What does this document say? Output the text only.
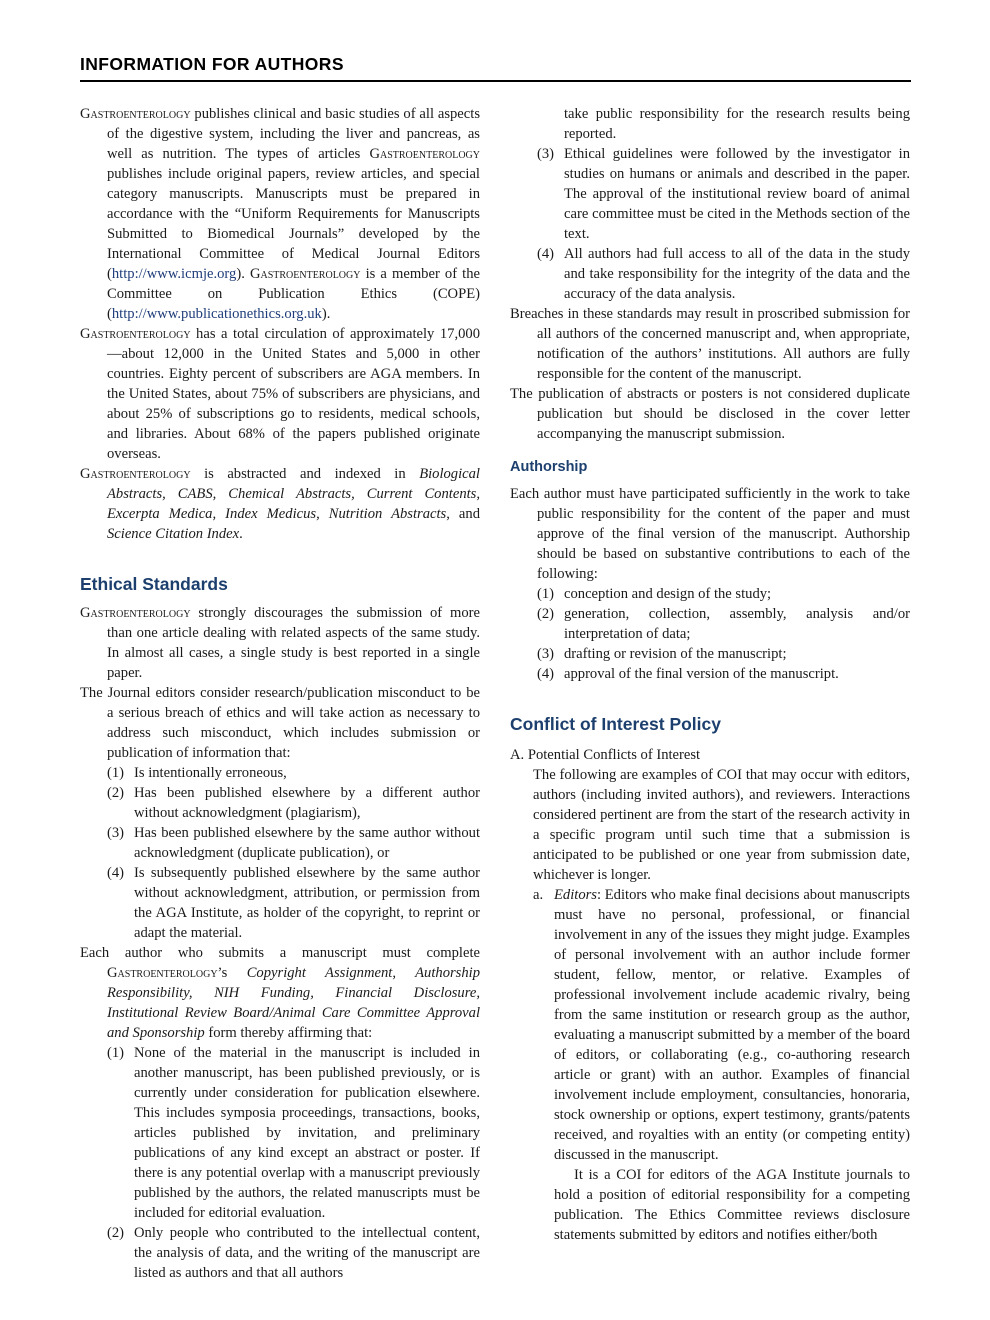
INFORMATION FOR AUTHORS

Gastroenterology publishes clinical and basic studies of all aspects of the digestive system, including the liver and pancreas, as well as nutrition. The types of articles Gastroenterology publishes include original papers, review articles, and special category manuscripts. Manuscripts must be prepared in accordance with the “Uniform Requirements for Manuscripts Submitted to Biomedical Journals” developed by the International Committee of Medical Journal Editors (http://www.icmje.org). Gastroenterology is a member of the Committee on Publication Ethics (COPE) (http://www.publicationethics.org.uk).

Gastroenterology has a total circulation of approximately 17,000—about 12,000 in the United States and 5,000 in other countries. Eighty percent of subscribers are AGA members. In the United States, about 75% of subscribers are physicians, and about 25% of subscriptions go to residents, medical schools, and libraries. About 68% of the papers published originate overseas.

Gastroenterology is abstracted and indexed in Biological Abstracts, CABS, Chemical Abstracts, Current Contents, Excerpta Medica, Index Medicus, Nutrition Abstracts, and Science Citation Index.

Ethical Standards

Gastroenterology strongly discourages the submission of more than one article dealing with related aspects of the same study. In almost all cases, a single study is best reported in a single paper.

The Journal editors consider research/publication misconduct to be a serious breach of ethics and will take action as necessary to address such misconduct, which includes submission or publication of information that:

(1) Is intentionally erroneous,

(2) Has been published elsewhere by a different author without acknowledgment (plagiarism),

(3) Has been published elsewhere by the same author without acknowledgment (duplicate publication), or

(4) Is subsequently published elsewhere by the same author without acknowledgment, attribution, or permission from the AGA Institute, as holder of the copyright, to reprint or adapt the material.

Each author who submits a manuscript must complete Gastroenterology’s Copyright Assignment, Authorship Responsibility, NIH Funding, Financial Disclosure, Institutional Review Board/Animal Care Committee Approval and Sponsorship form thereby affirming that:

(1) None of the material in the manuscript is included in another manuscript, has been published previously, or is currently under consideration for publication elsewhere. This includes symposia proceedings, transactions, books, articles published by invitation, and preliminary publications of any kind except an abstract or poster. If there is any potential overlap with a manuscript previously published by the authors, the related manuscripts must be included for editorial evaluation.

(2) Only people who contributed to the intellectual content, the analysis of data, and the writing of the manuscript are listed as authors and that all authors

take public responsibility for the research results being reported.

(3) Ethical guidelines were followed by the investigator in studies on humans or animals and described in the paper. The approval of the institutional review board of animal care committee must be cited in the Methods section of the text.

(4) All authors had full access to all of the data in the study and take responsibility for the integrity of the data and the accuracy of the data analysis.

Breaches in these standards may result in proscribed submission for all authors of the concerned manuscript and, when appropriate, notification of the authors’ institutions. All authors are fully responsible for the content of the manuscript.

The publication of abstracts or posters is not considered duplicate publication but should be disclosed in the cover letter accompanying the manuscript submission.

Authorship

Each author must have participated sufficiently in the work to take public responsibility for the content of the paper and must approve of the final version of the manuscript. Authorship should be based on substantive contributions to each of the following:

(1) conception and design of the study;

(2) generation, collection, assembly, analysis and/or interpretation of data;

(3) drafting or revision of the manuscript;

(4) approval of the final version of the manuscript.

Conflict of Interest Policy

A. Potential Conflicts of Interest

The following are examples of COI that may occur with editors, authors (including invited authors), and reviewers. Interactions considered pertinent are from the start of the research activity in a specific program until such time that a submission is anticipated to be published or one year from submission date, whichever is longer.

a. Editors: Editors who make final decisions about manuscripts must have no personal, professional, or financial involvement in any of the issues they might judge. Examples of personal involvement with an author include former student, fellow, mentor, or relative. Examples of professional involvement include academic rivalry, being from the same institution or research group as the author, evaluating a manuscript submitted by a member of the board of editors, or collaborating (e.g., co-authoring research article or grant) with an author. Examples of financial involvement include employment, consultancies, honoraria, stock ownership or options, expert testimony, grants/patents received, and royalties with an entity (or competing entity) discussed in the manuscript.

It is a COI for editors of the AGA Institute journals to hold a position of editorial responsibility for a competing publication. The Ethics Committee reviews disclosure statements submitted by editors and notifies either/both
